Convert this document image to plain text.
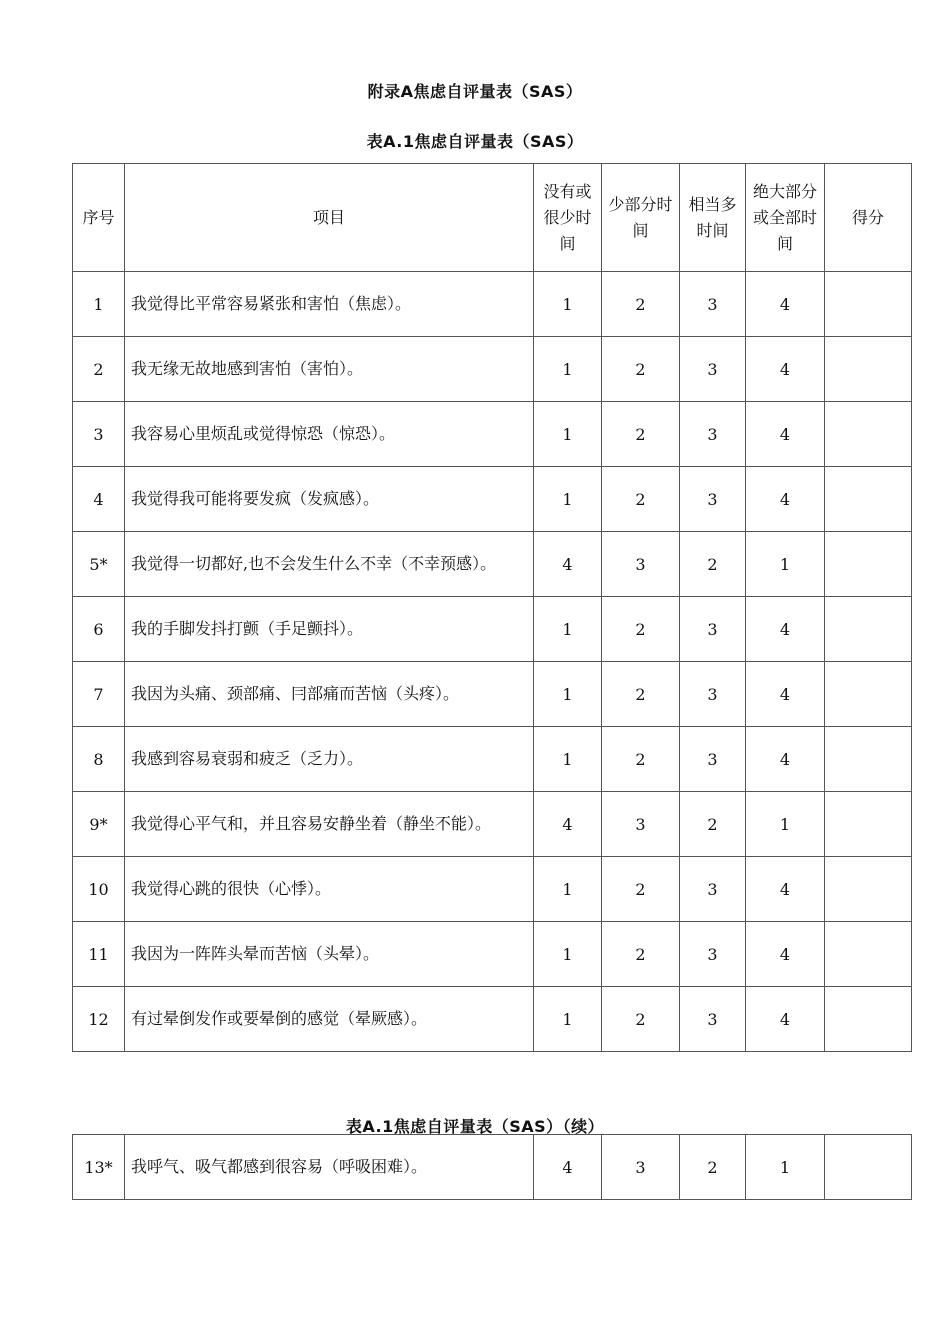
附录A焦虑自评量表（SAS）
表A.1焦虑自评量表（SAS）
序号	项目	没有或很少时间	少部分时间	相当多时间	绝大部分或全部时间	得分
1	我觉得比平常容易紧张和害怕（焦虑）。	1	2	3	4	
2	我无缘无故地感到害怕（害怕）。	1	2	3	4	
3	我容易心里烦乱或觉得惊恐（惊恐）。	1	2	3	4	
4	我觉得我可能将要发疯（发疯感）。	1	2	3	4	
5*	我觉得一切都好,也不会发生什么不幸（不幸预感）。	4	3	2	1	
6	我的手脚发抖打颤（手足颤抖）。	1	2	3	4	
7	我因为头痛、颈部痛、冃部痛而苦恼（头疼）。	1	2	3	4	
8	我感到容易衰弱和疲乏（乏力）。	1	2	3	4	
9*	我觉得心平气和，并且容易安静坐着（静坐不能）。	4	3	2	1	
10	我觉得心跳的很快（心悸）。	1	2	3	4	
11	我因为一阵阵头晕而苦恼（头晕）。	1	2	3	4	
12	有过晕倒发作或要晕倒的感觉（晕厥感）。	1	2	3	4	
表A.1焦虑自评量表（SAS）（续）
13*	我呼气、吸气都感到很容易（呼吸困难）。	4	3	2	1	
